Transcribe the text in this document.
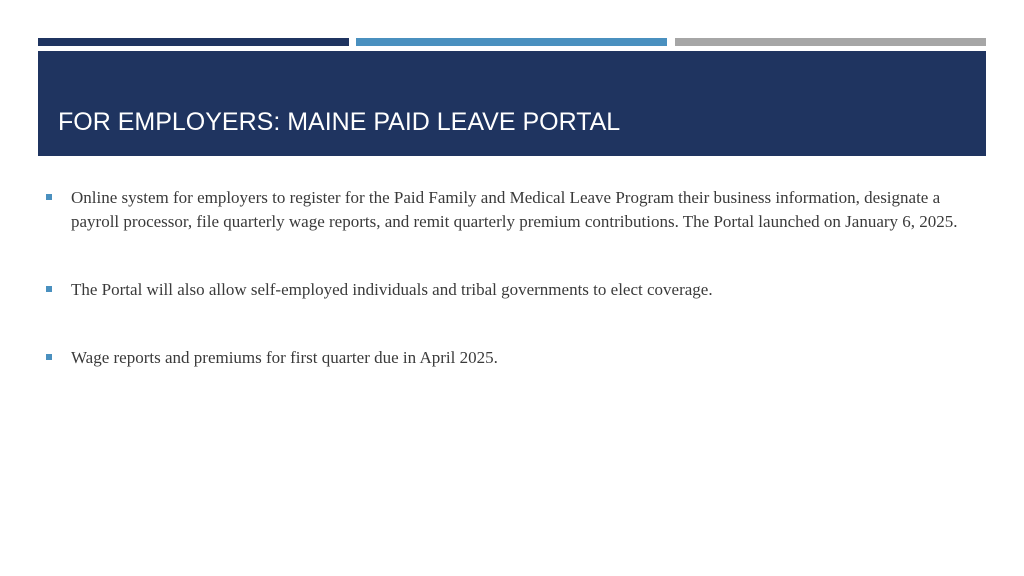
FOR EMPLOYERS: MAINE PAID LEAVE PORTAL
Online system for employers to register for the Paid Family and Medical Leave Program their business information, designate a payroll processor, file quarterly wage reports, and remit quarterly premium contributions. The Portal launched on January 6, 2025.
The Portal will also allow self-employed individuals and tribal governments to elect coverage.
Wage reports and premiums for first quarter due in April 2025.
